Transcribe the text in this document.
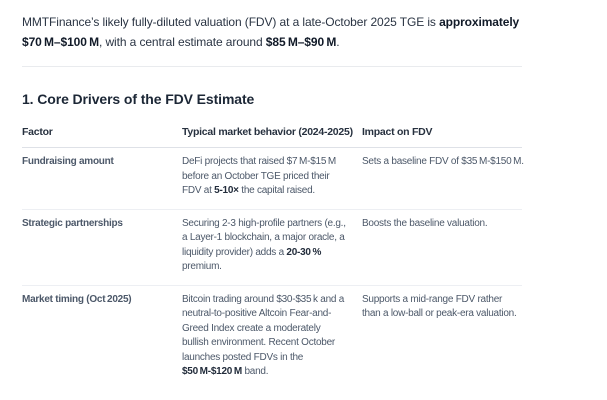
MMTFinance’s likely fully-diluted valuation (FDV) at a late-October 2025 TGE is approximately $70 M–$100 M, with a central estimate around $85 M–$90 M.

1. Core Drivers of the FDV Estimate
Factor	Typical market behavior (2024-2025)	Impact on FDV
Fundraising amount	DeFi projects that raised $7 M-$15 M before an October TGE priced their FDV at 5-10× the capital raised.	Sets a baseline FDV of $35 M-$150 M.
Strategic partnerships	Securing 2-3 high-profile partners (e.g., a Layer-1 blockchain, a major oracle, a liquidity provider) adds a 20-30 % premium.	Boosts the baseline valuation.
Market timing (Oct 2025)	Bitcoin trading around $30-$35 k and a neutral-to-positive Altcoin Fear-and-Greed Index create a moderately bullish environment. Recent October launches posted FDVs in the $50 M-$120 M band.	Supports a mid-range FDV rather than a low-ball or peak-era valuation.
